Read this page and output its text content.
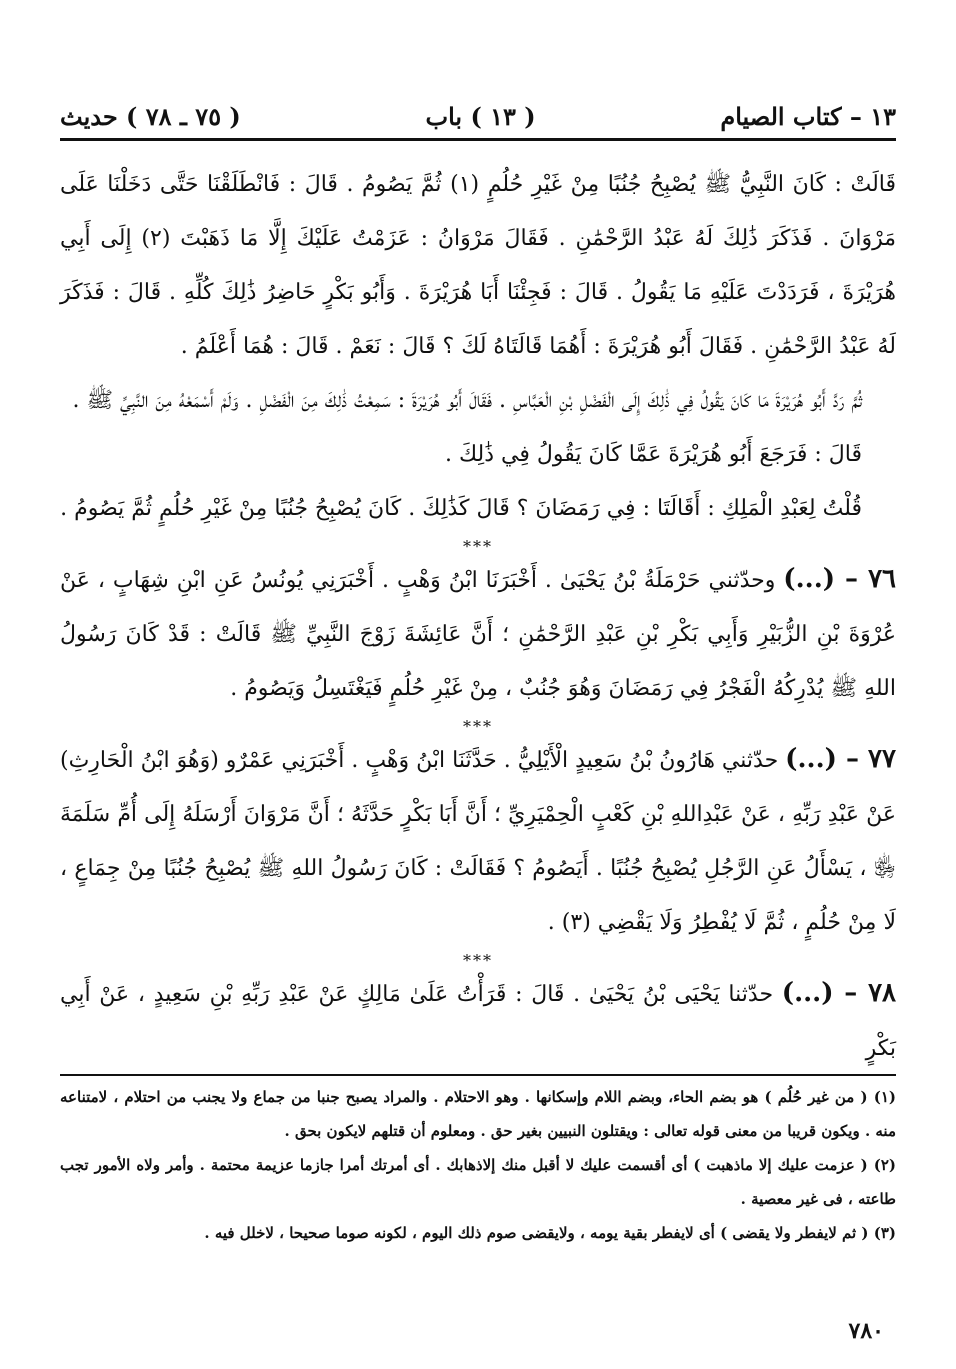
١٣ – كتاب الصيام
( ١٣ ) باب
( ٧٥ ـ ٧٨ ) حديث

قَالَتْ : كَانَ النَّبِيُّ ﷺ يُصْبِحُ جُنُبًا مِنْ غَيْرِ حُلُمٍ (١) ثُمَّ يَصُومُ . قَالَ : فَانْطَلَقْنَا حَتَّى دَخَلْنَا عَلَى مَرْوَانَ . فَذَكَرَ ذَٰلِكَ لَهُ عَبْدُ الرَّحْمَٰنِ . فَقَالَ مَرْوَانُ : عَزَمْتُ عَلَيْكَ إِلَّا مَا ذَهَبْتَ (٢) إِلَى أَبِي هُرَيْرَةَ ، فَرَدَدْتَ عَلَيْهِ مَا يَقُولُ . قَالَ : فَجِئْنَا أَبَا هُرَيْرَةَ . وَأَبُو بَكْرٍ حَاضِرُ ذَٰلِكَ كُلِّهِ . قَالَ : فَذَكَرَ لَهُ عَبْدُ الرَّحْمَٰنِ . فَقَالَ أَبُو هُرَيْرَةَ : أَهُمَا قَالَتَاهُ لَكَ ؟ قَالَ : نَعَمْ . قَالَ : هُمَا أَعْلَمُ .

ثُمَّ رَدَّ أَبُو هُرَيْرَةَ مَا كَانَ يَقُولُ فِي ذَٰلِكَ إِلَى الْفَضْلِ بْنِ الْعَبَّاسِ . فَقَالَ أَبُو هُرَيْرَةَ : سَمِعْتُ ذَٰلِكَ مِنَ الْفَضْلِ . وَلَمْ أَسْمَعْهُ مِنَ النَّبِيِّ ﷺ .

قَالَ : فَرَجَعَ أَبُو هُرَيْرَةَ عَمَّا كَانَ يَقُولُ فِي ذَٰلِكَ .

قُلْتُ لِعَبْدِ الْمَلِكِ : أَقَالَتَا : فِي رَمَضَانَ ؟ قَالَ كَذَٰلِكَ . كَانَ يُصْبِحُ جُنُبًا مِنْ غَيْرِ حُلُمٍ ثُمَّ يَصُومُ .

***

٧٦ – (...) وحدّثني حَرْمَلَةُ بْنُ يَحْيَىٰ . أَخْبَرَنَا ابْنُ وَهْبٍ . أَخْبَرَنِي يُونُسُ عَنِ ابْنِ شِهَابٍ ، عَنْ عُرْوَةَ بْنِ الزُّبَيْرِ وَأَبِي بَكْرِ بْنِ عَبْدِ الرَّحْمَٰنِ ؛ أَنَّ عَائِشَةَ زَوْجَ النَّبِيِّ ﷺ قَالَتْ : قَدْ كَانَ رَسُولُ اللهِ ﷺ يُدْرِكُهُ الْفَجْرُ فِي رَمَضَانَ وَهُوَ جُنُبٌ ، مِنْ غَيْرِ حُلُمٍ فَيَغْتَسِلُ وَيَصُومُ .

***

٧٧ – (...) حدّثني هَارُونُ بْنُ سَعِيدٍ الْأَيْلِيُّ . حَدَّثَنَا ابْنُ وَهْبٍ . أَخْبَرَنِي عَمْرٌو (وَهُوَ ابْنُ الْحَارِثِ) عَنْ عَبْدِ رَبِّهِ ، عَنْ عَبْدِاللهِ بْنِ كَعْبٍ الْحِمْيَرِيِّ ؛ أَنَّ أَبَا بَكْرٍ حَدَّثَهُ ؛ أَنَّ مَرْوَانَ أَرْسَلَهُ إِلَى أُمِّ سَلَمَةَ ﵂ ، يَسْأَلُ عَنِ الرَّجُلِ يُصْبِحُ جُنُبًا . أَيَصُومُ ؟ فَقَالَتْ : كَانَ رَسُولُ اللهِ ﷺ يُصْبِحُ جُنُبًا مِنْ جِمَاعٍ ، لَا مِنْ حُلُمٍ ، ثُمَّ لَا يُفْطِرُ وَلَا يَقْضِي (٣) .

***

٧٨ – (...) حدّثنا يَحْيَى بْنُ يَحْيَىٰ . قَالَ : قَرَأْتُ عَلَىٰ مَالِكٍ عَنْ عَبْدِ رَبِّهِ بْنِ سَعِيدٍ ، عَنْ أَبِي بَكْرٍ

(١) ( من غير حُلُم ) هو بضم الحاء، وبضم اللام وإسكانها . وهو الاحتلام . والمراد يصبح جنبا من جماع ولا يجنب من احتلام ، لامتناعه منه . ويكون قريبا من معنى قوله تعالى : ويقتلون النبيين بغير حق . ومعلوم أن قتلهم لايكون بحق .

(٢) ( عزمت عليك إلا ماذهبت ) أى أقسمت عليك لا أقبل منك إلاذهابك . أى أمرتك أمرا جازما عزيمة محتمة . وأمر ولاه الأمور تجب طاعته ، فى غير معصية .

(٣) ( ثم لايفطر ولا يقضى ) أى لايفطر بقية يومه ، ولايقضى صوم ذلك اليوم ، لكونه صوما صحيحا ، لاخلل فيه .

٧٨٠
